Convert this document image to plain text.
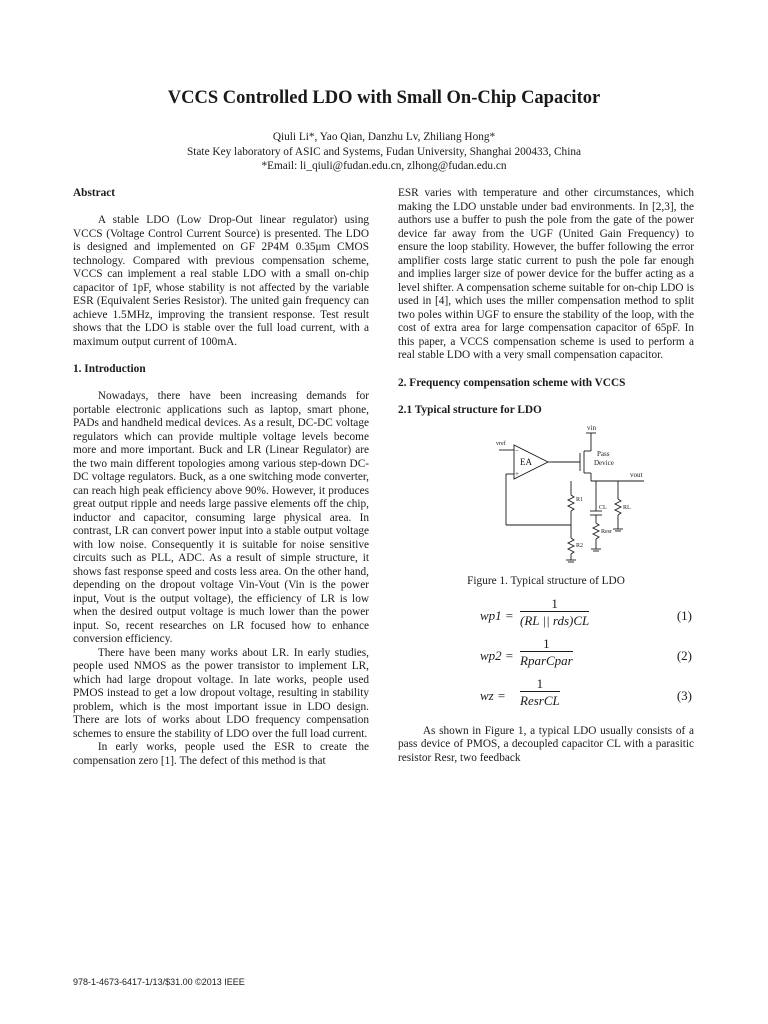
VCCS Controlled LDO with Small On-Chip Capacitor
Qiuli Li*, Yao Qian, Danzhu Lv, Zhiliang Hong*
State Key laboratory of ASIC and Systems, Fudan University, Shanghai 200433, China
*Email: li_qiuli@fudan.edu.cn, zlhong@fudan.edu.cn

Abstract

A stable LDO (Low Drop-Out linear regulator) using VCCS (Voltage Control Current Source) is presented. The LDO is designed and implemented on GF 2P4M 0.35μm CMOS technology. Compared with previous compensation scheme, VCCS can implement a real stable LDO with a small on-chip capacitor of 1pF, whose stability is not affected by the variable ESR (Equivalent Series Resistor). The united gain frequency can achieve 1.5MHz, improving the transient response. Test result shows that the LDO is stable over the full load current, with a maximum output current of 100mA.

1. Introduction

Nowadays, there have been increasing demands for portable electronic applications such as laptop, smart phone, PADs and handheld medical devices. As a result, DC-DC voltage regulators which can provide multiple voltage levels become more and more important. Buck and LR (Linear Regulator) are the two main different topologies among various step-down DC-DC voltage regulators. Buck, as a one switching mode converter, can reach high peak efficiency above 90%. However, it produces great output ripple and needs large passive elements off the chip, inductor and capacitor, consuming large physical area. In contrast, LR can convert power input into a stable output voltage with low noise. Consequently it is suitable for noise sensitive circuits such as PLL, ADC. As a result of simple structure, it shows fast response speed and costs less area. On the other hand, depending on the dropout voltage Vin-Vout (Vin is the power input, Vout is the output voltage), the efficiency of LR is low when the desired output voltage is much lower than the power input. So, recent researches on LR focused how to enhance conversion efficiency.

There have been many works about LR. In early studies, people used NMOS as the power transistor to implement LR, which had large dropout voltage. In late works, people used PMOS instead to get a low dropout voltage, resulting in stability problem, which is the most important issue in LDO design. There are lots of works about LDO frequency compensation schemes to ensure the stability of LDO over the full load current.

In early works, people used the ESR to create the compensation zero [1]. The defect of this method is that

ESR varies with temperature and other circumstances, which making the LDO unstable under bad environments. In [2,3], the authors use a buffer to push the pole from the gate of the power device far away from the UGF (United Gain Frequency) to ensure the loop stability. However, the buffer following the error amplifier costs large static current to push the pole far enough and implies larger size of power device for the buffer acting as a level shifter. A compensation scheme suitable for on-chip LDO is used in [4], which uses the miller compensation method to split two poles within UGF to ensure the stability of the loop, with the cost of extra area for large compensation capacitor of 65pF. In this paper, a VCCS compensation scheme is used to perform a real stable LDO with a very small compensation capacitor.

2. Frequency compensation scheme with VCCS

2.1 Typical structure for LDO

vin
Pass
Device
vout
EA
−
+
vref
R1
R2
CL
Resr
RL

Figure 1. Typical structure of LDO

wp1 =
1
(RL || rds)CL	(1)
wp2 =
1
RparCpar	(2)
wz =
1
ResrCL	(3)

As shown in Figure 1, a typical LDO usually consists of a pass device of PMOS, a decoupled capacitor CL with a parasitic resistor Resr, two feedback

978-1-4673-6417-1/13/$31.00 ©2013 IEEE
